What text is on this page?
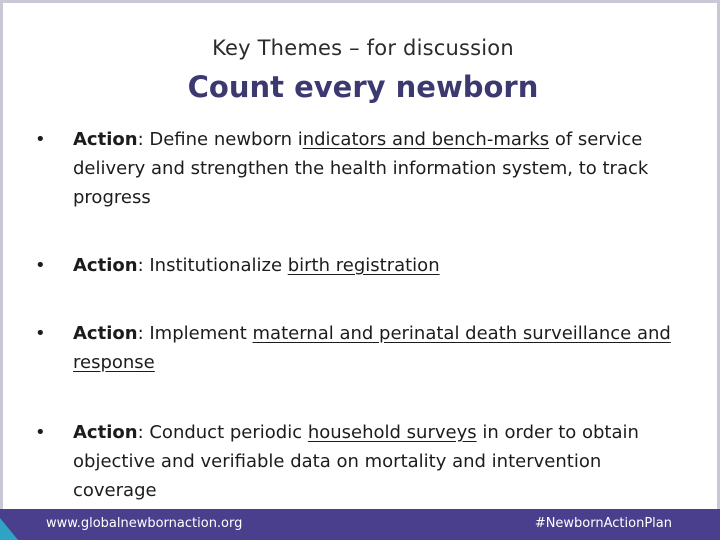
Key Themes – for discussion
Count every newborn
•	Action: Define newborn indicators and bench-marks of service delivery and strengthen the health information system, to track progress
•	Action: Institutionalize birth registration
•	Action: Implement maternal and perinatal death surveillance and response
•	Action: Conduct periodic household surveys in order to obtain objective and verifiable data on mortality and intervention coverage
www.globalnewbornaction.org	#NewbornActionPlan
